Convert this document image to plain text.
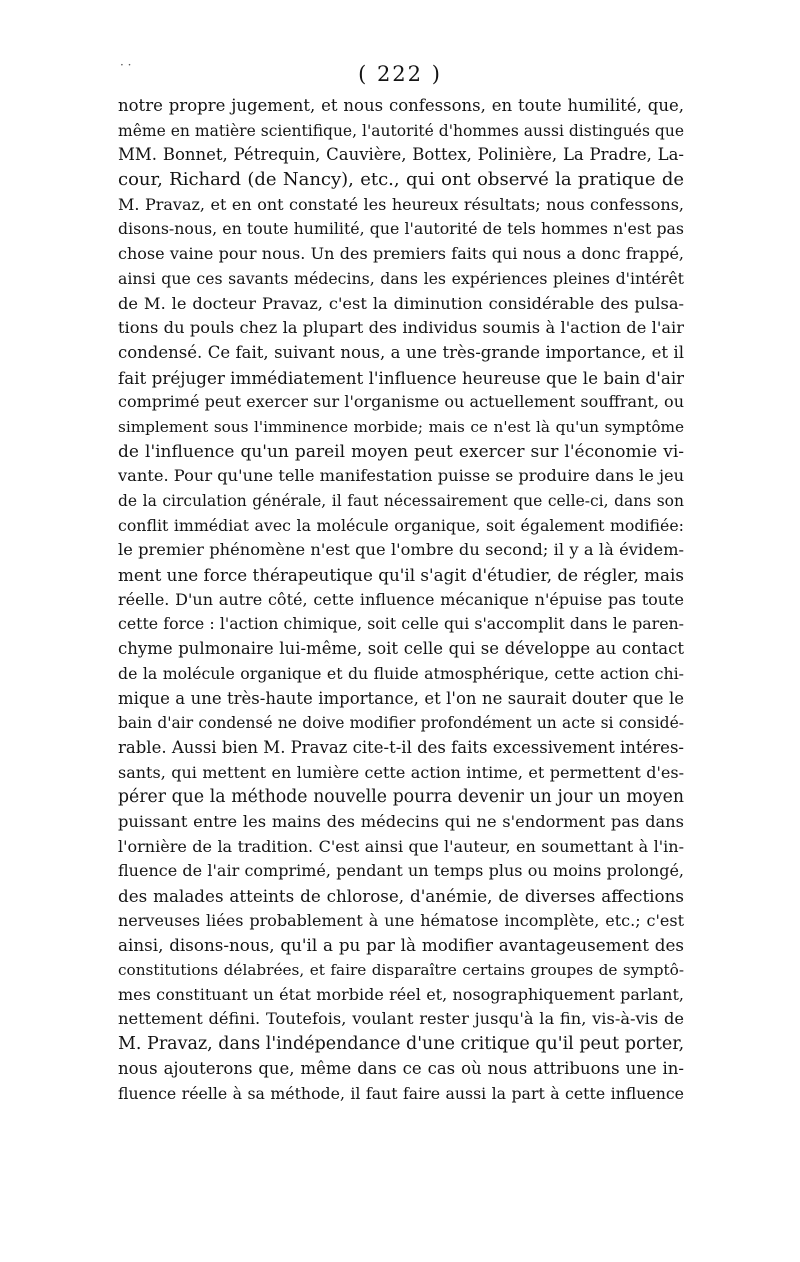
· ·	( 222 )
notre propre jugement, et nous confessons, en toute humilité, que,
même en matière scientifique, l'autorité d'hommes aussi distingués que
MM. Bonnet, Pétrequin, Cauvière, Bottex, Polinière, La Pradre, La-
cour, Richard (de Nancy), etc., qui ont observé la pratique de
M. Pravaz, et en ont constaté les heureux résultats; nous confessons,
disons-nous, en toute humilité, que l'autorité de tels hommes n'est pas
chose vaine pour nous. Un des premiers faits qui nous a donc frappé,
ainsi que ces savants médecins, dans les expériences pleines d'intérêt
de M. le docteur Pravaz, c'est la diminution considérable des pulsa-
tions du pouls chez la plupart des individus soumis à l'action de l'air
condensé. Ce fait, suivant nous, a une très-grande importance, et il
fait préjuger immédiatement l'influence heureuse que le bain d'air
comprimé peut exercer sur l'organisme ou actuellement souffrant, ou
simplement sous l'imminence morbide; mais ce n'est là qu'un symptôme
de l'influence qu'un pareil moyen peut exercer sur l'économie vi-
vante. Pour qu'une telle manifestation puisse se produire dans le jeu
de la circulation générale, il faut nécessairement que celle-ci, dans son
conflit immédiat avec la molécule organique, soit également modifiée:
le premier phénomène n'est que l'ombre du second; il y a là évidem-
ment une force thérapeutique qu'il s'agit d'étudier, de régler, mais
réelle. D'un autre côté, cette influence mécanique n'épuise pas toute
cette force : l'action chimique, soit celle qui s'accomplit dans le paren-
chyme pulmonaire lui-même, soit celle qui se développe au contact
de la molécule organique et du fluide atmosphérique, cette action chi-
mique a une très-haute importance, et l'on ne saurait douter que le
bain d'air condensé ne doive modifier profondément un acte si considé-
rable. Aussi bien M. Pravaz cite-t-il des faits excessivement intéres-
sants, qui mettent en lumière cette action intime, et permettent d'es-
pérer que la méthode nouvelle pourra devenir un jour un moyen
puissant entre les mains des médecins qui ne s'endorment pas dans
l'ornière de la tradition. C'est ainsi que l'auteur, en soumettant à l'in-
fluence de l'air comprimé, pendant un temps plus ou moins prolongé,
des malades atteints de chlorose, d'anémie, de diverses affections
nerveuses liées probablement à une hématose incomplète, etc.; c'est
ainsi, disons-nous, qu'il a pu par là modifier avantageusement des
constitutions délabrées, et faire disparaître certains groupes de symptô-
mes constituant un état morbide réel et, nosographiquement parlant,
nettement défini. Toutefois, voulant rester jusqu'à la fin, vis-à-vis de
M. Pravaz, dans l'indépendance d'une critique qu'il peut porter,
nous ajouterons que, même dans ce cas où nous attribuons une in-
fluence réelle à sa méthode, il faut faire aussi la part à cette influence
